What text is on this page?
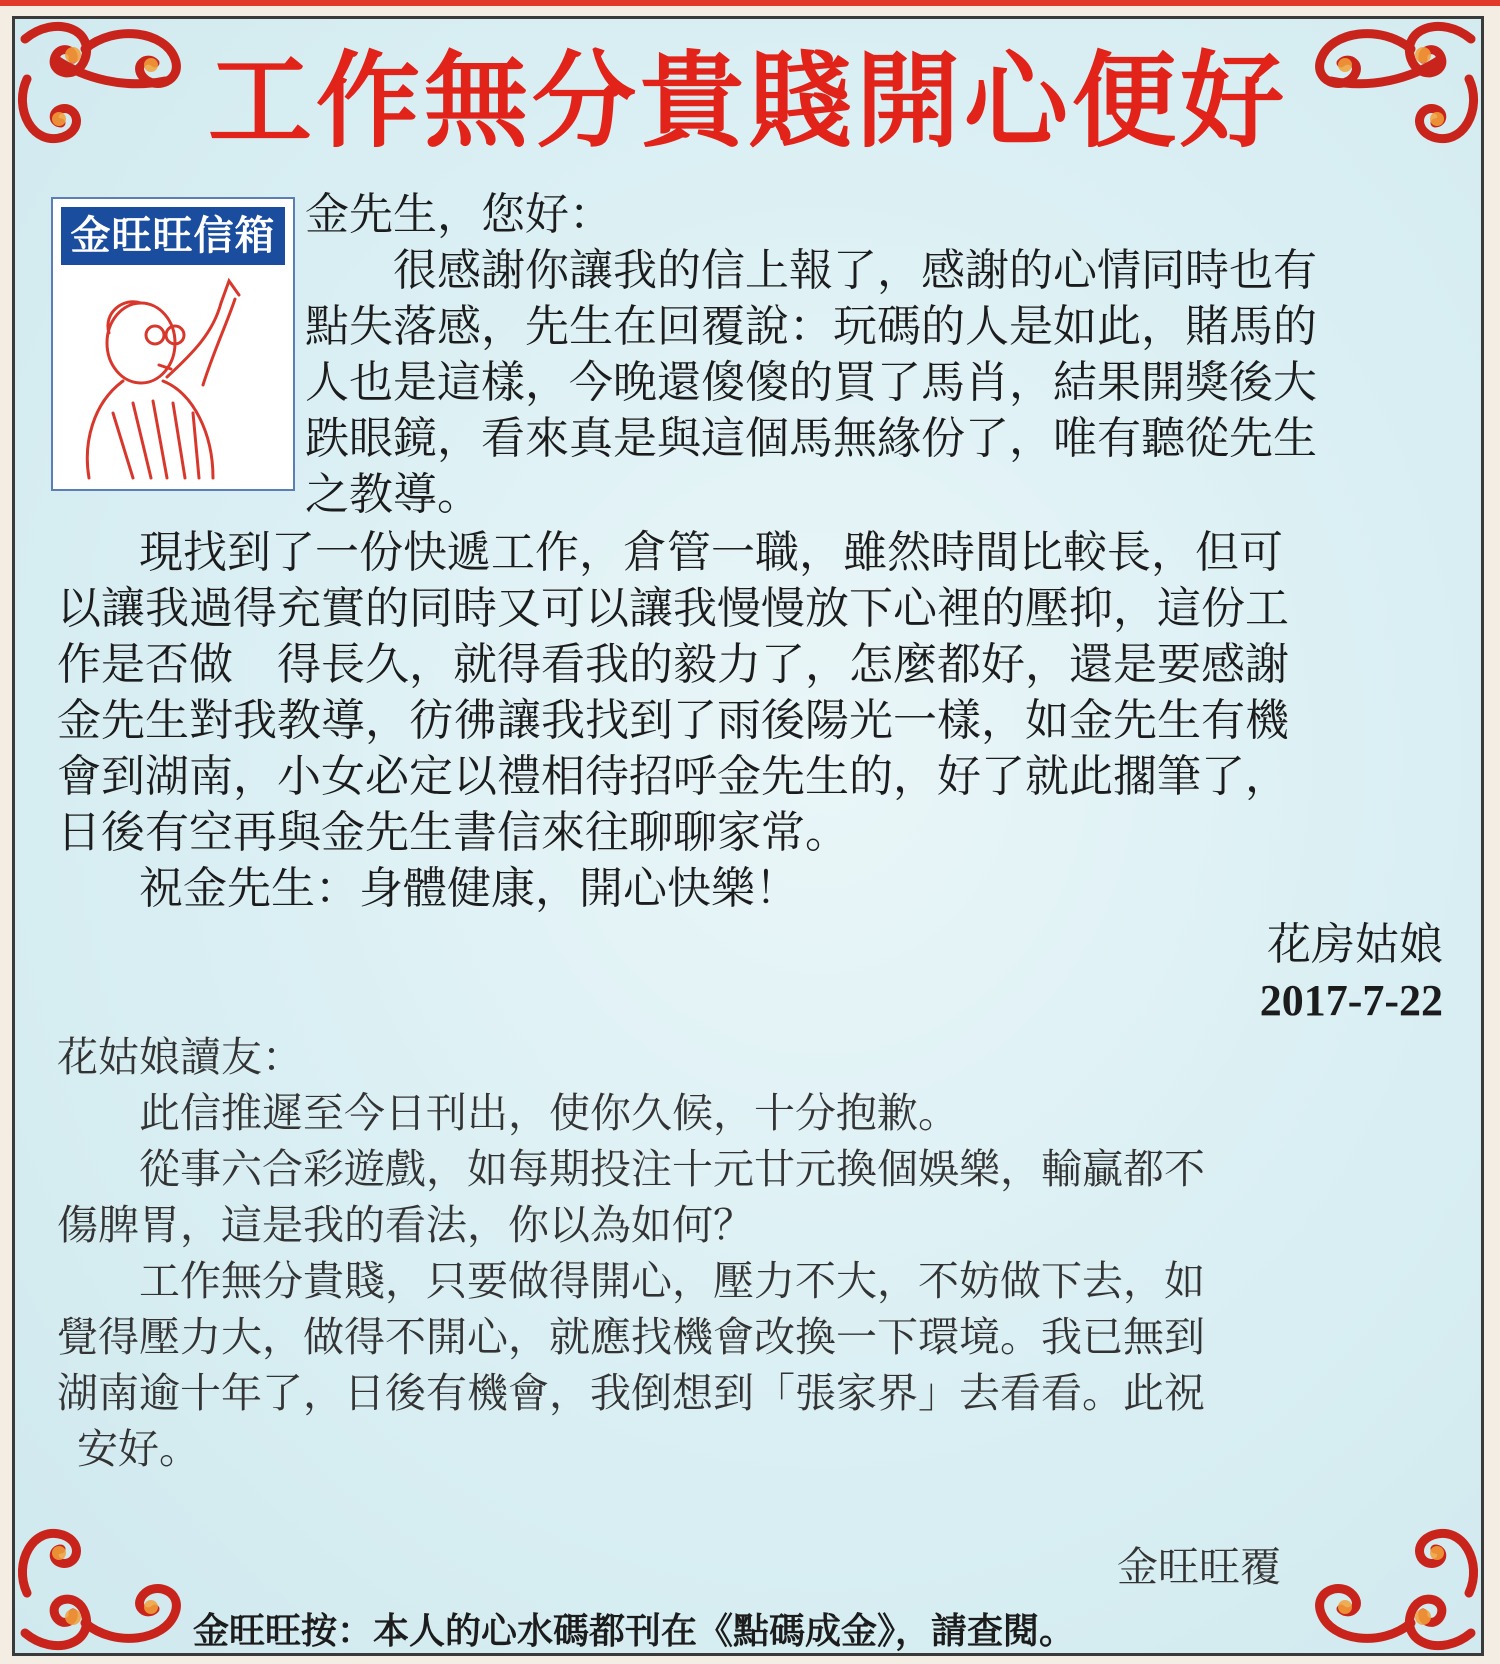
工作無分貴賤開心便好
金旺旺信箱 金先生，您好：
很感謝你讓我的信上報了，感謝的心情同時也有
點失落感，先生在回覆說：玩碼的人是如此，賭馬的
人也是這樣，今晚還傻傻的買了馬肖，結果開獎後大
跌眼鏡，看來真是與這個馬無緣份了，唯有聽從先生
之教導。
現找到了一份快遞工作，倉管一職，雖然時間比較長，但可
以讓我過得充實的同時又可以讓我慢慢放下心裡的壓抑，這份工
作是否做　得長久，就得看我的毅力了，怎麼都好，還是要感謝
金先生對我教導，彷彿讓我找到了雨後陽光一樣，如金先生有機
會到湖南，小女必定以禮相待招呼金先生的，好了就此擱筆了，
日後有空再與金先生書信來往聊聊家常。
祝金先生：身體健康，開心快樂！
花房姑娘
2017-7-22
花姑娘讀友：
此信推遲至今日刊出，使你久候，十分抱歉。
從事六合彩遊戲，如每期投注十元廿元換個娛樂，輸贏都不
傷脾胃，這是我的看法，你以為如何？
工作無分貴賤，只要做得開心，壓力不大，不妨做下去，如
覺得壓力大，做得不開心，就應找機會改換一下環境。我已無到
湖南逾十年了，日後有機會，我倒想到「張家界」去看看。此祝
安好。
金旺旺覆
金旺旺按：本人的心水碼都刊在《點碼成金》，請查閱。
